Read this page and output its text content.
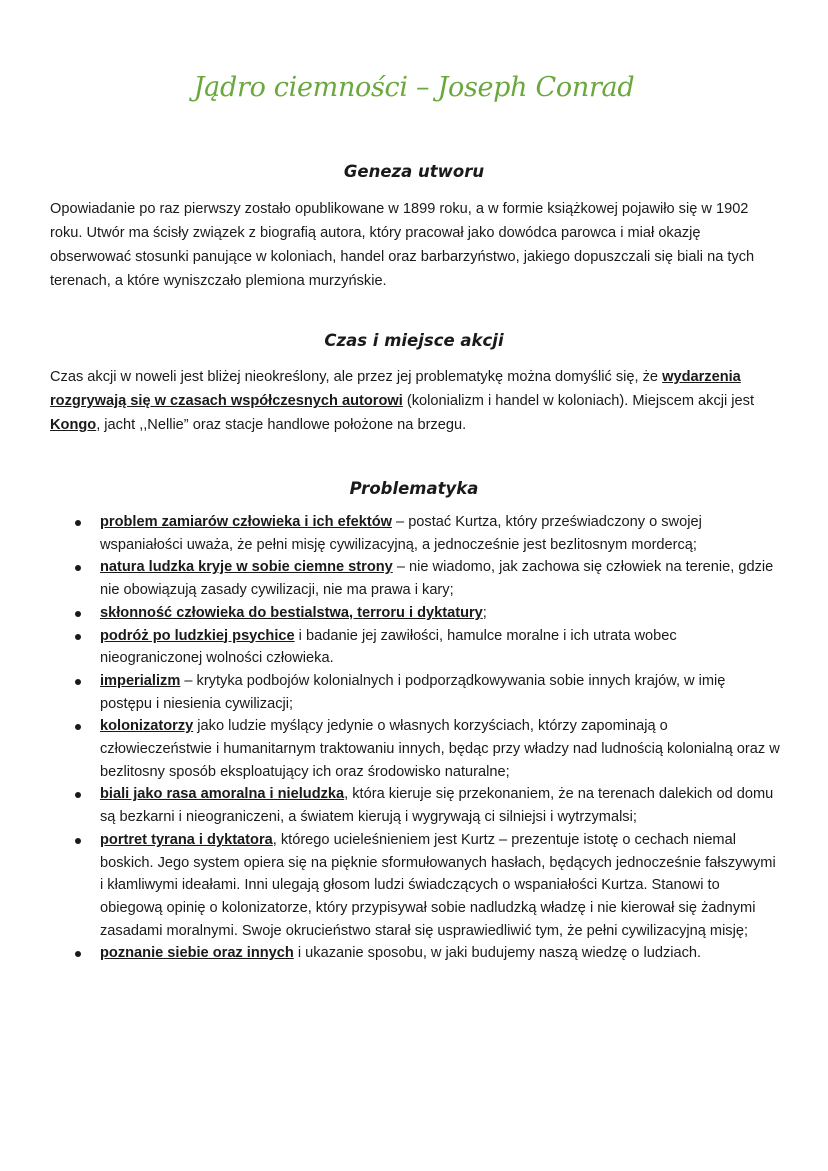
Jądro ciemności – Joseph Conrad
Geneza utworu

Opowiadanie po raz pierwszy zostało opublikowane w 1899 roku, a w formie książkowej pojawiło się w 1902 roku. Utwór ma ścisły związek z biografią autora, który pracował jako dowódca parowca i miał okazję obserwować stosunki panujące w koloniach, handel oraz barbarzyństwo, jakiego dopuszczali się biali na tych terenach, a które wyniszczało plemiona murzyńskie.

Czas i miejsce akcji

Czas akcji w noweli jest bliżej nieokreślony, ale przez jej problematykę można domyślić się, że wydarzenia rozgrywają się w czasach współczesnych autorowi (kolonializm i handel w koloniach). Miejscem akcji jest Kongo, jacht ,,Nellie” oraz stacje handlowe położone na brzegu.

Problematyka
problem zamiarów człowieka i ich efektów – postać Kurtza, który przeświadczony o swojej wspaniałości uważa, że pełni misję cywilizacyjną, a jednocześnie jest bezlitosnym mordercą;
natura ludzka kryje w sobie ciemne strony – nie wiadomo, jak zachowa się człowiek na terenie, gdzie nie obowiązują zasady cywilizacji, nie ma prawa i kary;
skłonność człowieka do bestialstwa, terroru i dyktatury;
podróż po ludzkiej psychice i badanie jej zawiłości, hamulce moralne i ich utrata wobec nieograniczonej wolności człowieka.
imperializm – krytyka podbojów kolonialnych i podporządkowywania sobie innych krajów, w imię postępu i niesienia cywilizacji;
kolonizatorzy jako ludzie myślący jedynie o własnych korzyściach, którzy zapominają o człowieczeństwie i humanitarnym traktowaniu innych, będąc przy władzy nad ludnością kolonialną oraz w bezlitosny sposób eksploatujący ich oraz środowisko naturalne;
biali jako rasa amoralna i nieludzka, która kieruje się przekonaniem, że na terenach dalekich od domu są bezkarni i nieograniczeni, a światem kierują i wygrywają ci silniejsi i wytrzymalsi;
portret tyrana i dyktatora, którego ucieleśnieniem jest Kurtz – prezentuje istotę o cechach niemal boskich. Jego system opiera się na pięknie sformułowanych hasłach, będących jednocześnie fałszywymi i kłamliwymi ideałami. Inni ulegają głosom ludzi świadczących o wspaniałości Kurtza. Stanowi to obiegową opinię o kolonizatorze, który przypisywał sobie nadludzką władzę i nie kierował się żadnymi zasadami moralnymi. Swoje okrucieństwo starał się usprawiedliwić tym, że pełni cywilizacyjną misję;
poznanie siebie oraz innych i ukazanie sposobu, w jaki budujemy naszą wiedzę o ludziach.
